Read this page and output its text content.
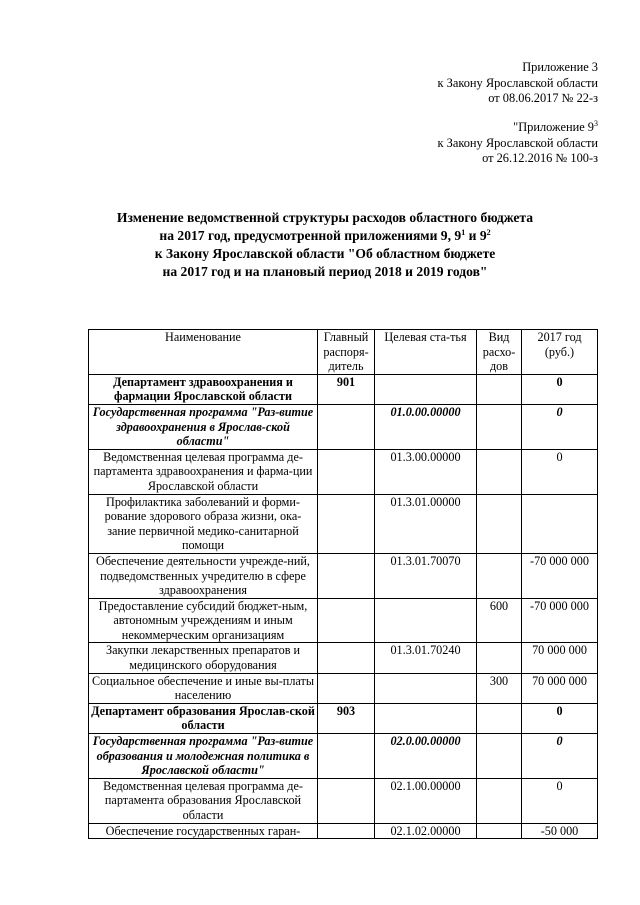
Приложение 3
к Закону Ярославской области
от 08.06.2017 № 22-з
"Приложение $9^3$
к Закону Ярославской области
от 26.12.2016 № 100-з
Изменение ведомственной структуры расходов областного бюджета
на 2017 год, предусмотренной приложениями 9, $9^1$ и $9^2$
к Закону Ярославской области "Об областном бюджете
на 2017 год и на плановый период 2018 и 2019 годов"
Наименование	Главный распоря-дитель	Целевая ста-тья	Вид расхо-дов	2017 год (руб.)
Департамент здравоохранения и фармации Ярославской области	901			0
Государственная программа "Раз-витие здравоохранения в Ярослав-ской области"		01.0.00.00000		0
Ведомственная целевая программа де-партамента здравоохранения и фарма-ции Ярославской области		01.3.00.00000		0
Профилактика заболеваний и форми-рование здорового образа жизни, ока-зание первичной медико-санитарной помощи		01.3.01.00000		
Обеспечение деятельности учрежде-ний, подведомственных учредителю в сфере здравоохранения		01.3.01.70070		-70 000 000
Предоставление субсидий бюджет-ным, автономным учреждениям и иным некоммерческим организациям			600	-70 000 000
Закупки лекарственных препаратов и медицинского оборудования		01.3.01.70240		70 000 000
Социальное обеспечение и иные вы-платы населению			300	70 000 000
Департамент образования Ярослав-ской области	903			0
Государственная программа "Раз-витие образования и молодежная политика в Ярославской области"		02.0.00.00000		0
Ведомственная целевая программа де-партамента образования Ярославской области		02.1.00.00000		0
Обеспечение государственных гаран-		02.1.02.00000		-50 000
